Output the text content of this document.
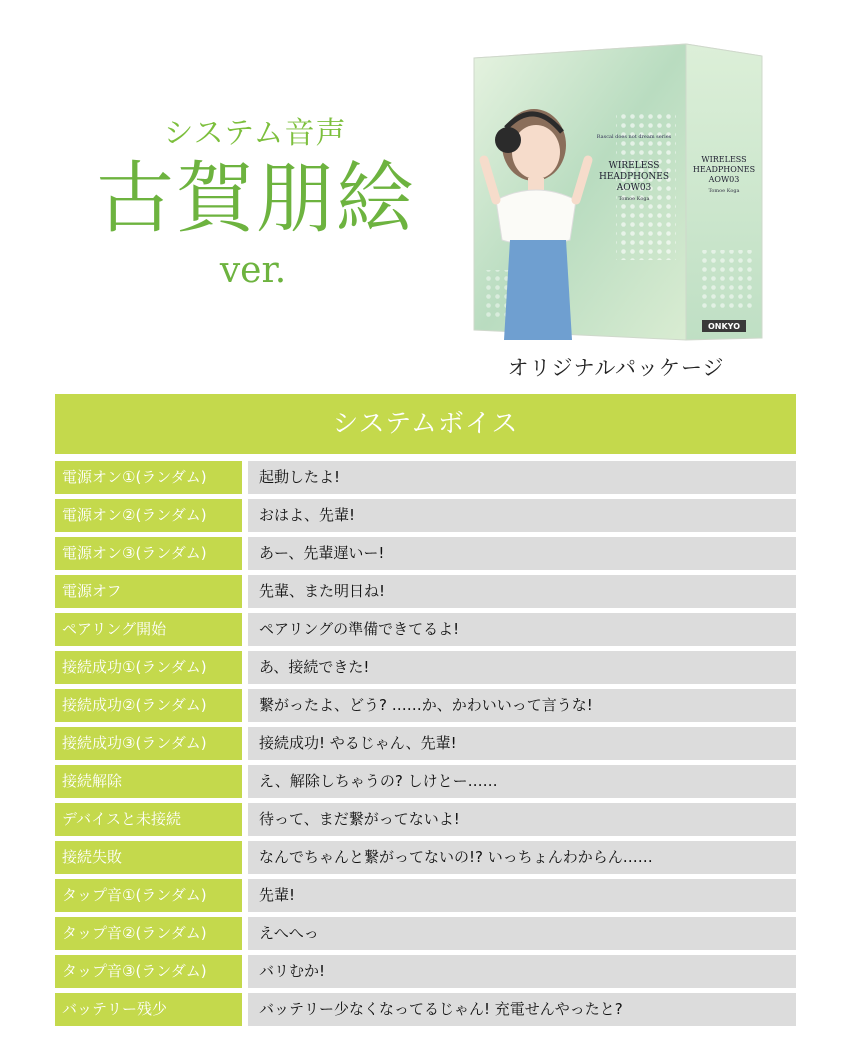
システム音声
古賀朋絵
ver.
Rascal does not dream series
WIRELESS
HEADPHONES
AOW03
Tomoe Koga
WIRELESS
HEADPHONES
AOW03
Tomoe Koga
ONKYO
オリジナルパッケージ
システムボイス
電源オン①(ランダム)	起動したよ!
電源オン②(ランダム)	おはよ、先輩!
電源オン③(ランダム)	あー、先輩遅いー!
電源オフ	先輩、また明日ね!
ペアリング開始	ペアリングの準備できてるよ!
接続成功①(ランダム)	あ、接続できた!
接続成功②(ランダム)	繋がったよ、どう? ……か、かわいいって言うな!
接続成功③(ランダム)	接続成功! やるじゃん、先輩!
接続解除	え、解除しちゃうの? しけとー……
デバイスと未接続	待って、まだ繋がってないよ!
接続失敗	なんでちゃんと繋がってないの!? いっちょんわからん……
タップ音①(ランダム)	先輩!
タップ音②(ランダム)	えへへっ
タップ音③(ランダム)	バリむか!
バッテリー残少	バッテリー少なくなってるじゃん! 充電せんやったと?
